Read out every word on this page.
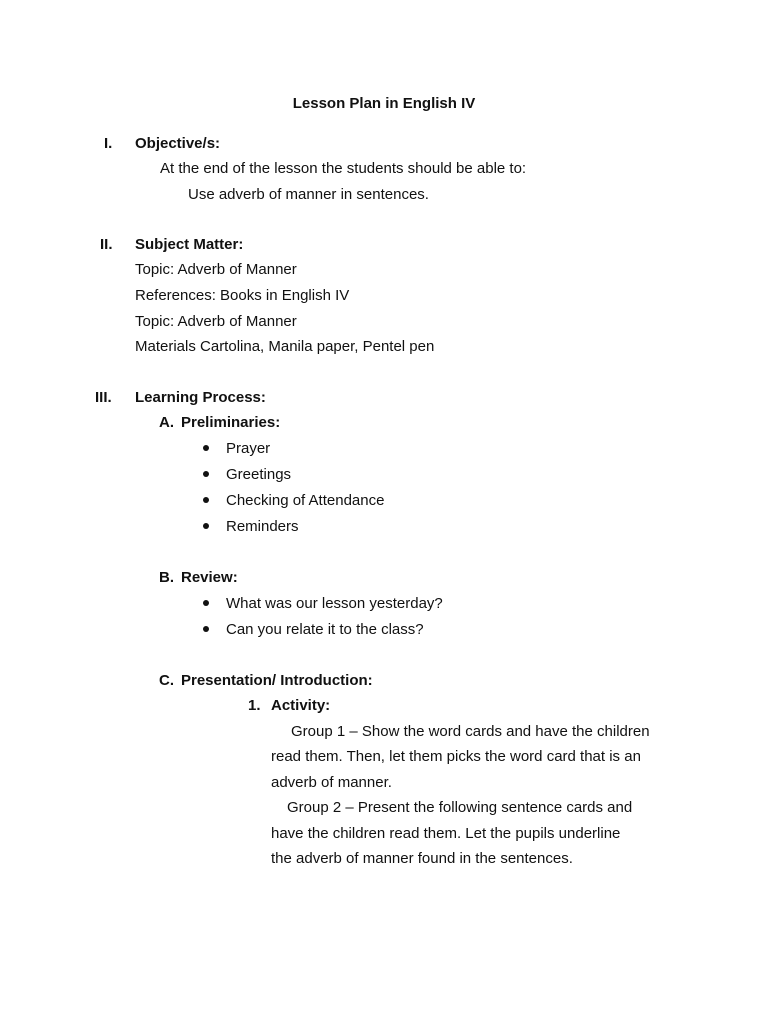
Lesson Plan in English IV
I. Objective/s:
At the end of the lesson the students should be able to:
Use adverb of manner in sentences.
II. Subject Matter:
Topic: Adverb of Manner
References: Books in English IV
Topic: Adverb of Manner
Materials Cartolina, Manila paper, Pentel pen
III. Learning Process:
A. Preliminaries:
Prayer
Greetings
Checking of Attendance
Reminders
B. Review:
What was our lesson yesterday?
Can you relate it to the class?
C. Presentation/ Introduction:
1. Activity:
Group 1 – Show the word cards and have the children
read them. Then, let them picks the word card that is an
adverb of manner.
Group 2 – Present the following sentence cards and
have the children read them. Let the pupils underline
the adverb of manner found in the sentences.
